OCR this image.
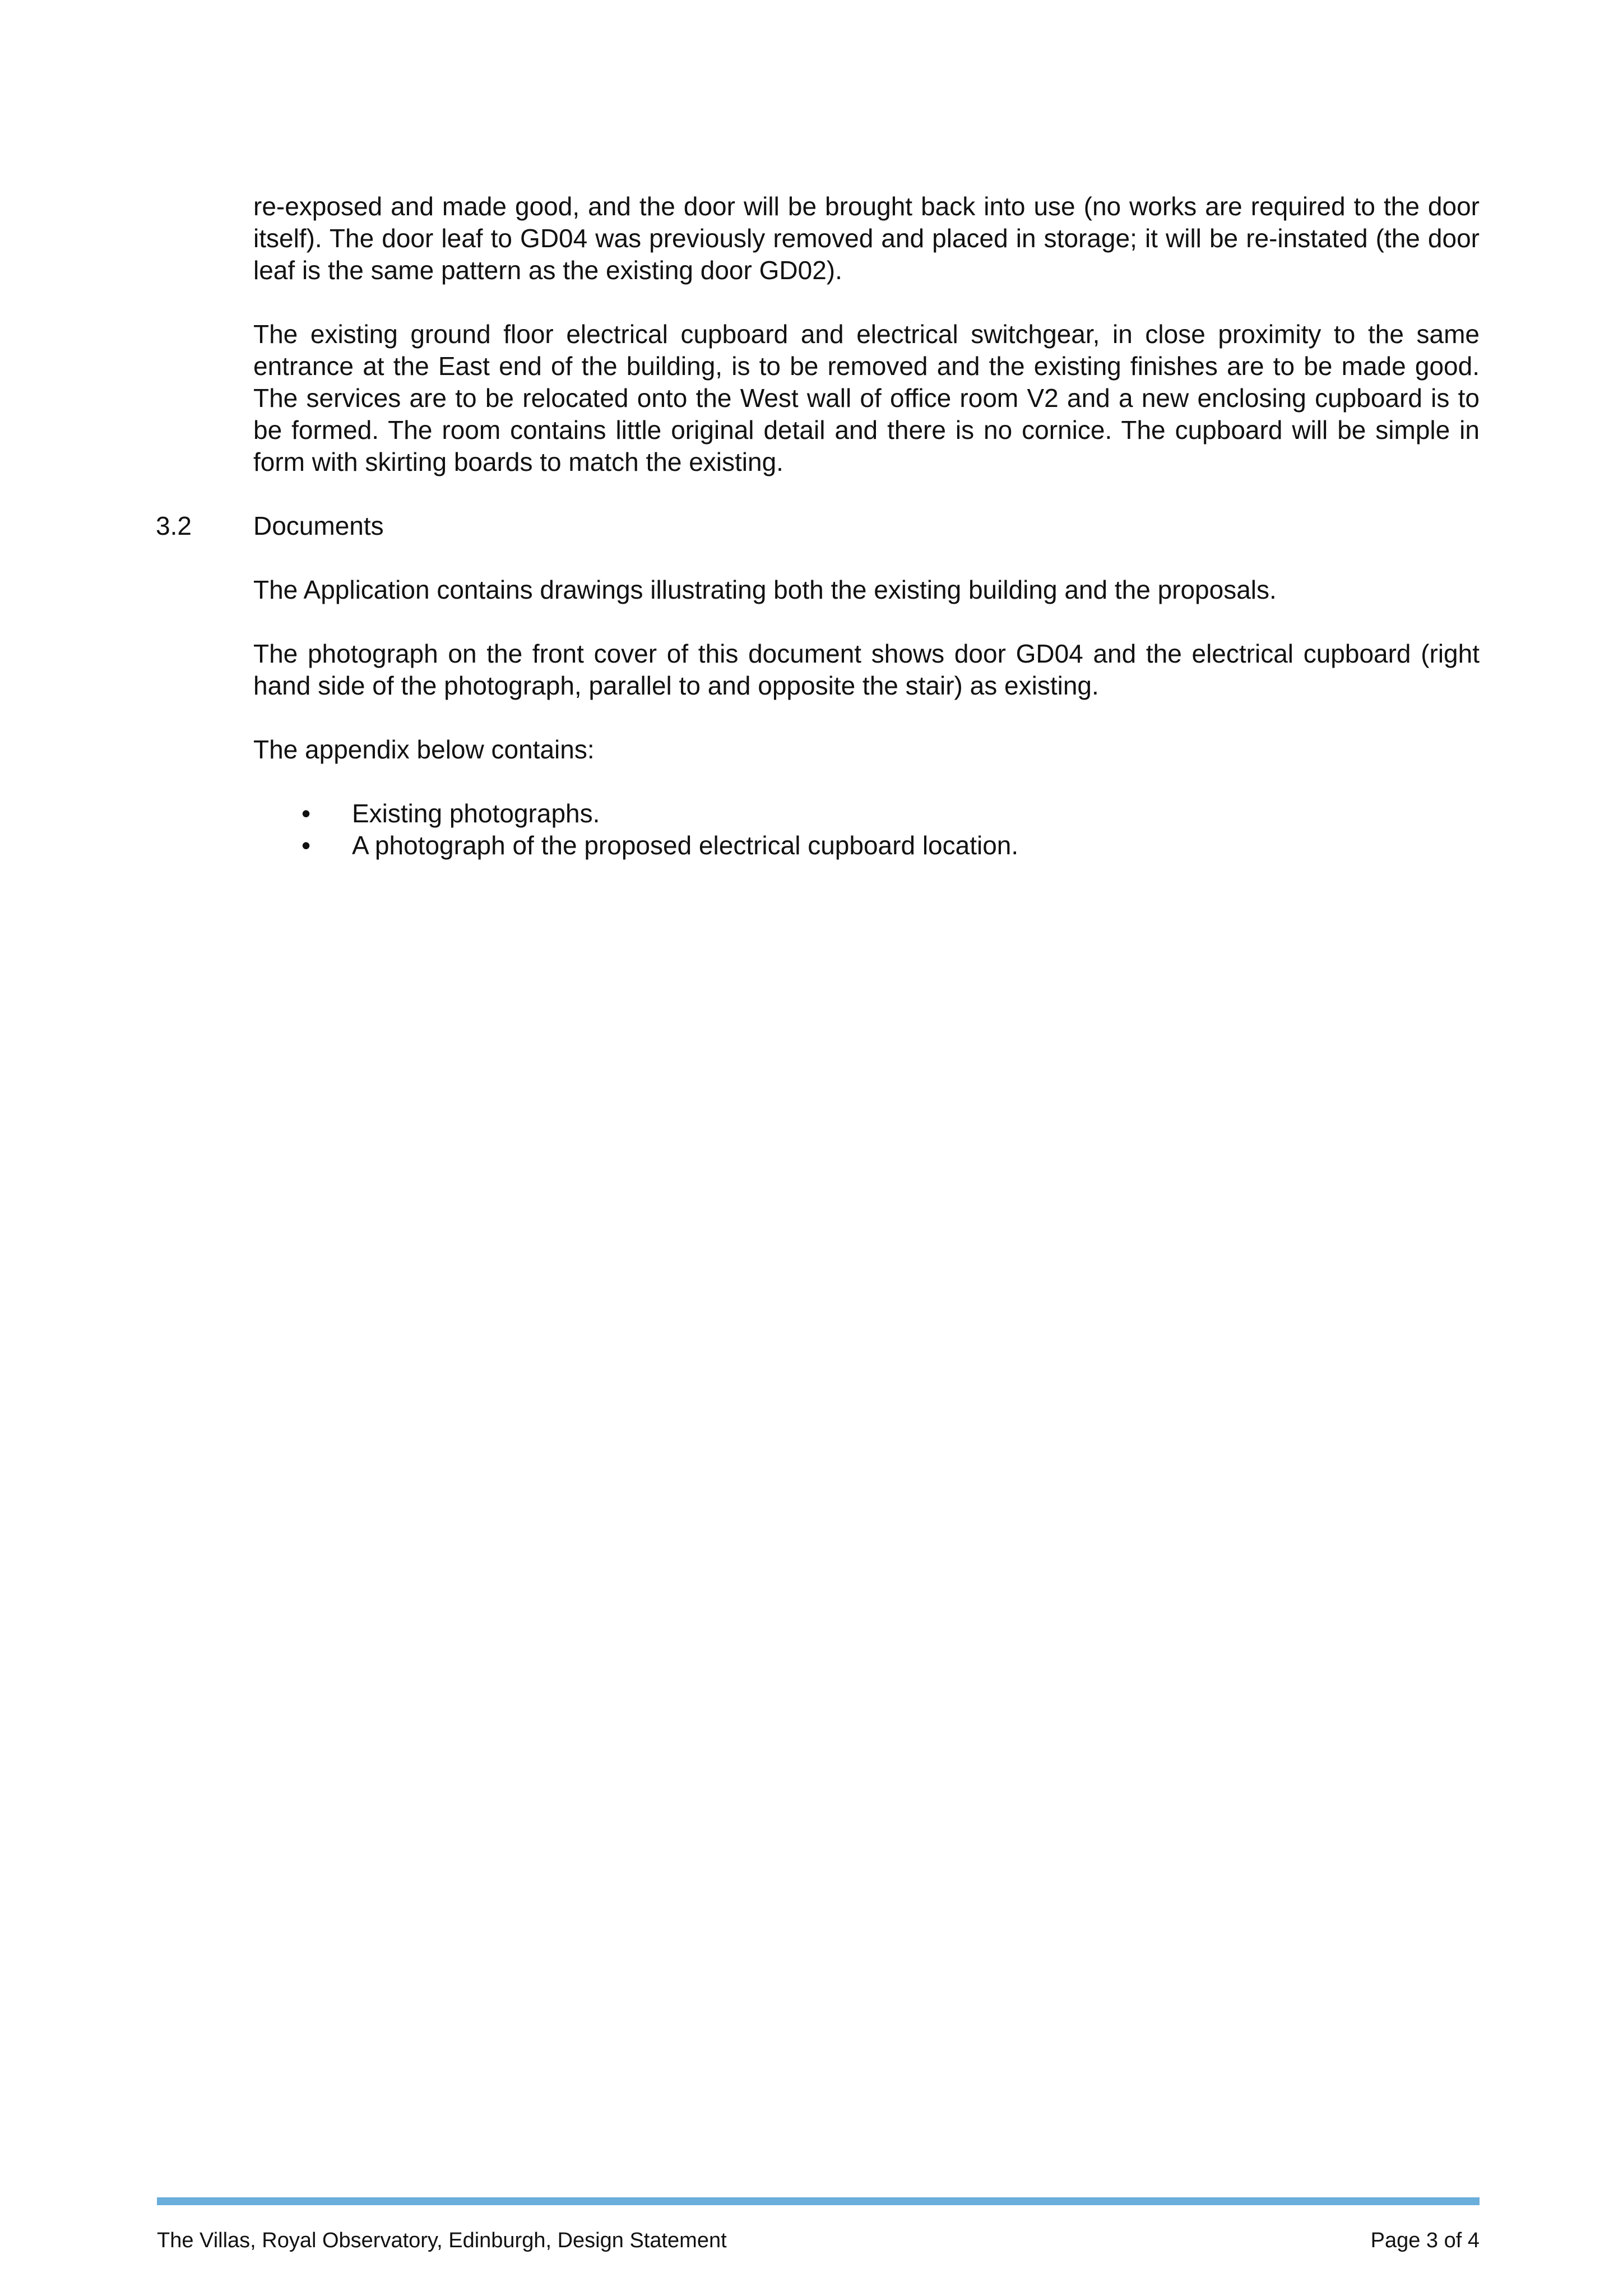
re-exposed and made good, and the door will be brought back into use (no works are required to the door itself). The door leaf to GD04 was previously removed and placed in storage; it will be re-instated (the door leaf is the same pattern as the existing door GD02).

The existing ground floor electrical cupboard and electrical switchgear, in close proximity to the same entrance at the East end of the building, is to be removed and the existing finishes are to be made good. The services are to be relocated onto the West wall of office room V2 and a new enclosing cupboard is to be formed. The room contains little original detail and there is no cornice. The cupboard will be simple in form with skirting boards to match the existing.

3.2 Documents

The Application contains drawings illustrating both the existing building and the proposals.

The photograph on the front cover of this document shows door GD04 and the electrical cupboard (right hand side of the photograph, parallel to and opposite the stair) as existing.

The appendix below contains:

• Existing photographs.
• A photograph of the proposed electrical cupboard location.
The Villas, Royal Observatory, Edinburgh, Design Statement	Page 3 of 4
